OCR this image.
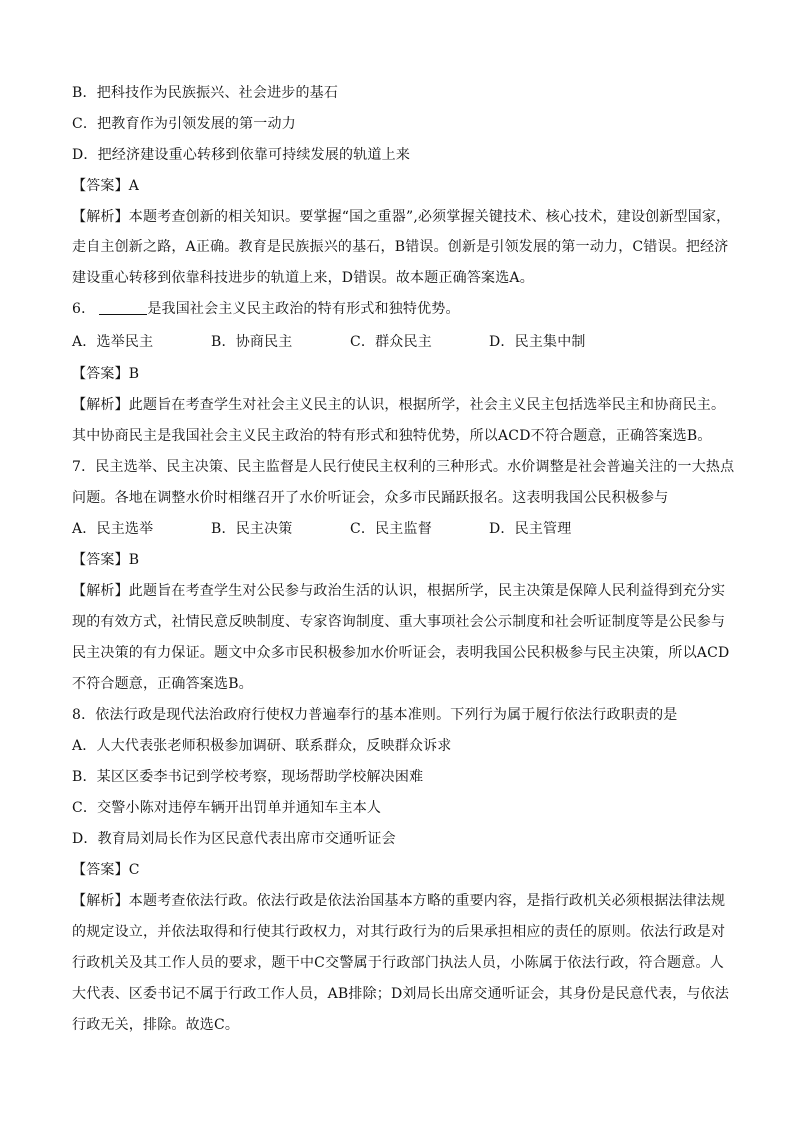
B．把科技作为民族振兴、社会进步的基石
C．把教育作为引领发展的第一动力
D．把经济建设重心转移到依靠可持续发展的轨道上来
【答案】A
【解析】本题考查创新的相关知识。要掌握“国之重器”,必须掌握关键技术、核心技术，建设创新型国家，
走自主创新之路，A正确。教育是民族振兴的基石，B错误。创新是引领发展的第一动力，C错误。把经济
建设重心转移到依靠科技进步的轨道上来，D错误。故本题正确答案选A。
6．	是我国社会主义民主政治的特有形式和独特优势。
A．选举民主	B．协商民主	C．群众民主	D．民主集中制
【答案】B
【解析】此题旨在考查学生对社会主义民主的认识，根据所学，社会主义民主包括选举民主和协商民主。
其中协商民主是我国社会主义民主政治的特有形式和独特优势，所以ACD不符合题意，正确答案选B。
7．民主选举、民主决策、民主监督是人民行使民主权利的三种形式。水价调整是社会普遍关注的一大热点
问题。各地在调整水价时相继召开了水价听证会，众多市民踊跃报名。这表明我国公民积极参与
A．民主选举	B．民主决策	C．民主监督	D．民主管理
【答案】B
【解析】此题旨在考查学生对公民参与政治生活的认识，根据所学，民主决策是保障人民利益得到充分实
现的有效方式，社情民意反映制度、专家咨询制度、重大事项社会公示制度和社会听证制度等是公民参与
民主决策的有力保证。题文中众多市民积极参加水价听证会，表明我国公民积极参与民主决策，所以ACD
不符合题意，正确答案选B。
8．依法行政是现代法治政府行使权力普遍奉行的基本准则。下列行为属于履行依法行政职责的是
A．人大代表张老师积极参加调研、联系群众，反映群众诉求
B．某区区委李书记到学校考察，现场帮助学校解决困难
C．交警小陈对违停车辆开出罚单并通知车主本人
D．教育局刘局长作为区民意代表出席市交通听证会
【答案】C
【解析】本题考查依法行政。依法行政是依法治国基本方略的重要内容，是指行政机关必须根据法律法规
的规定设立，并依法取得和行使其行政权力，对其行政行为的后果承担相应的责任的原则。依法行政是对
行政机关及其工作人员的要求，题干中C交警属于行政部门执法人员，小陈属于依法行政，符合题意。人
大代表、区委书记不属于行政工作人员，AB排除；D刘局长出席交通听证会，其身份是民意代表，与依法
行政无关，排除。故选C。
